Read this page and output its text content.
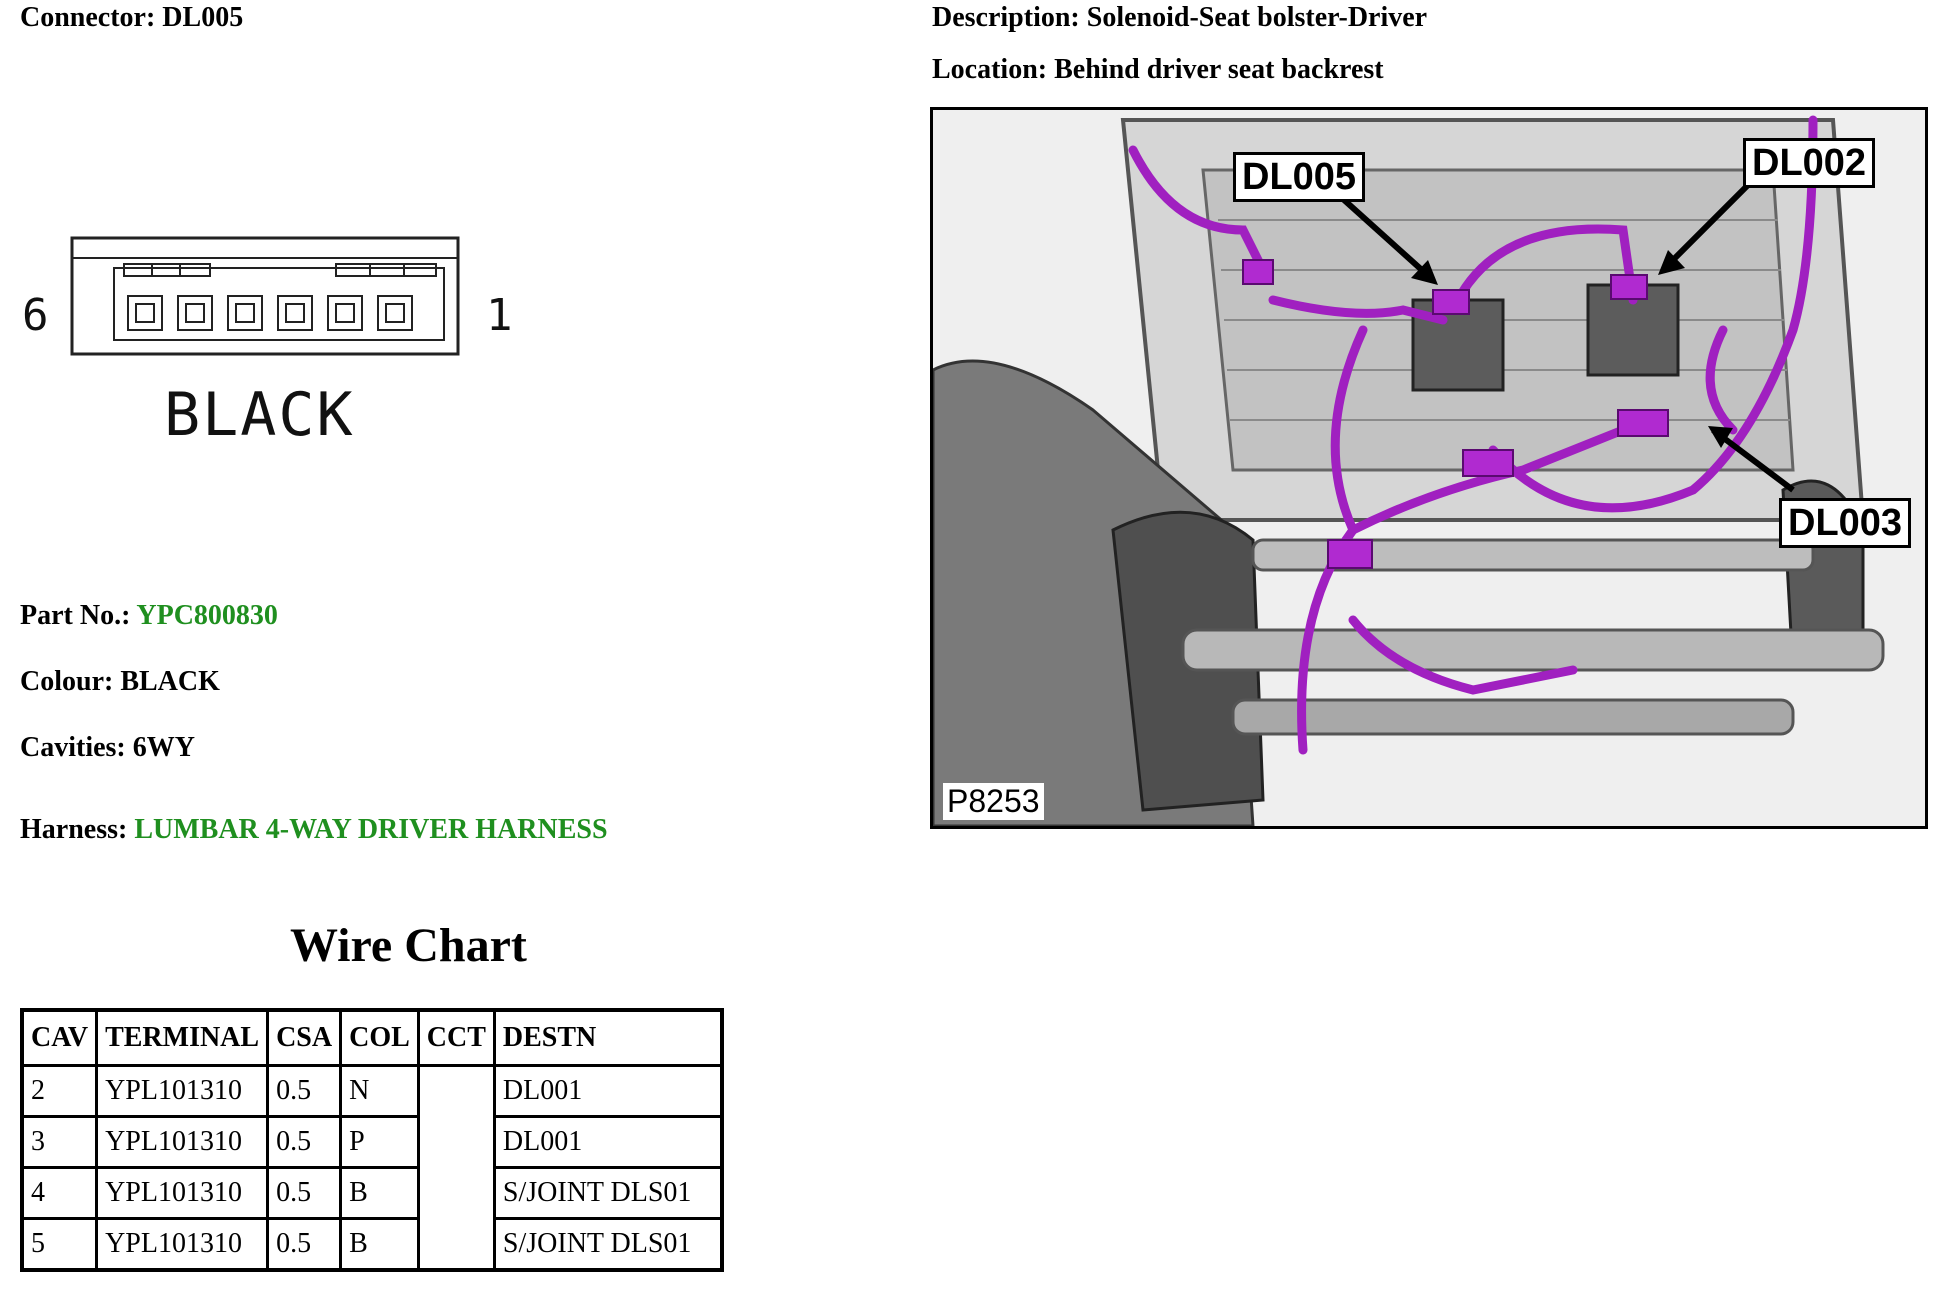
Connector: DL005	Description: Solenoid-Seat bolster-Driver
Location: Behind driver seat backrest
6	1
BLACK
Part No.: YPC800830
Colour: BLACK
Cavities: 6WY
Harness: LUMBAR 4-WAY DRIVER HARNESS
Wire Chart
CAV	TERMINAL	CSA	COL	CCT	DESTN
2	YPL101310	0.5	N		DL001
3	YPL101310	0.5	P		DL001
4	YPL101310	0.5	B		S/JOINT DLS01
5	YPL101310	0.5	B		S/JOINT DLS01
DL005	DL002
DL003
P8253
